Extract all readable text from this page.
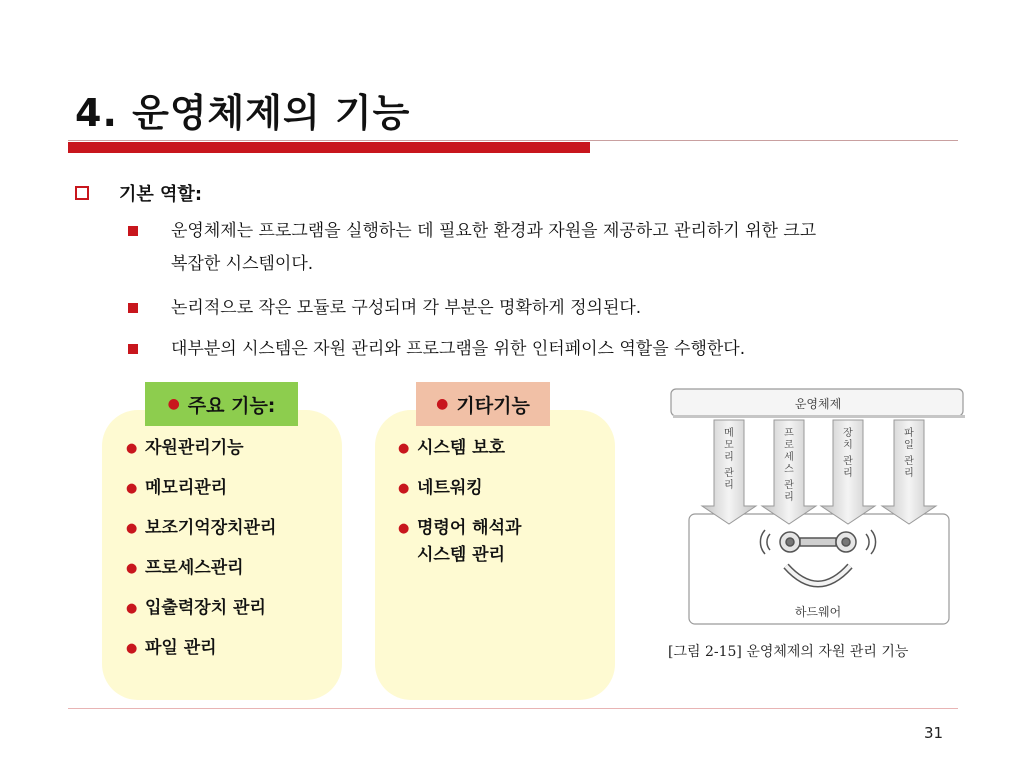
4. 운영체제의 기능
기본 역할:
운영체제는 프로그램을 실행하는 데 필요한 환경과 자원을 제공하고 관리하기 위한 크고
복잡한 시스템이다.
논리적으로 작은 모듈로 구성되며 각 부분은 명확하게 정의된다.
대부분의 시스템은 자원 관리와 프로그램을 위한 인터페이스 역할을 수행한다.
● 주요 기능:
● 자원관리기능
● 메모리관리
● 보조기억장치관리
● 프로세스관리
● 입출력장치 관리
● 파일 관리
● 기타기능
● 시스템 보호
● 네트워킹
● 명령어 해석과
시스템 관리
운영체제
하드웨어
메
모
리
관
리
프
로
세
스
관
리
장
치
관
리
파
일
관
리
[그림 2-15] 운영체제의 자원 관리 기능
31
